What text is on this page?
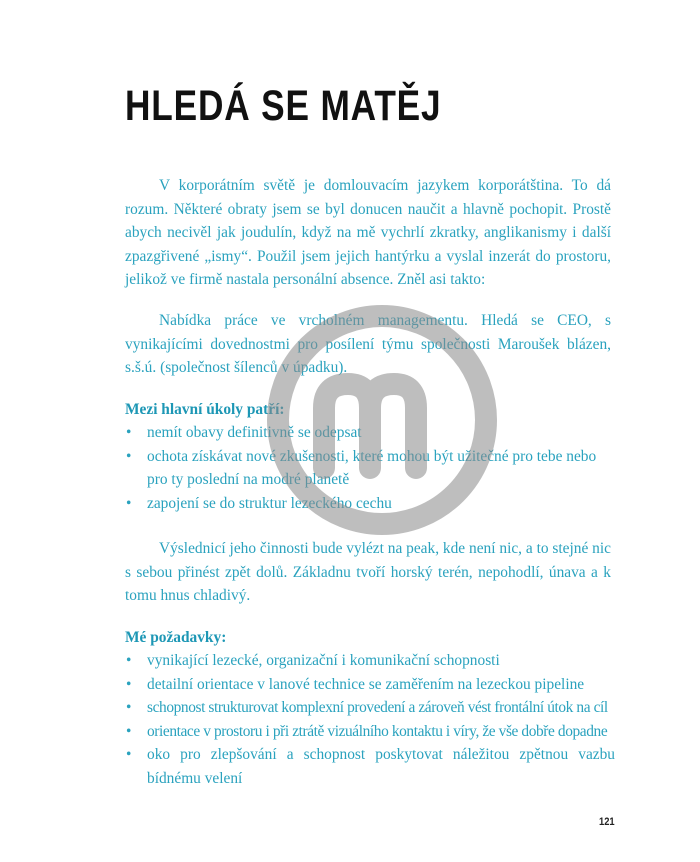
HLEDÁ SE MATĚJ

V korporátním světě je domlouvacím jazykem korporátština. To dá rozum. Některé obraty jsem se byl donucen naučit a hlavně pochopit. Prostě abych necivěl jak joudulín, když na mě vychrlí zkratky, anglikanismy i další zpazgřivené „ismy“. Použil jsem jejich hantýrku a vyslal inzerát do prostoru, jelikož ve firmě nastala personální absence. Zněl asi takto:

Nabídka práce ve vrcholném managementu. Hledá se CEO, s vynikajícími dovednostmi pro posílení týmu společnosti Maroušek blázen, s.š.ú. (společnost šílenců v úpadku).

Mezi hlavní úkoly patří:
• nemít obavy definitivně se odepsat
• ochota získávat nové zkušenosti, které mohou být užitečné pro tebe nebo pro ty poslední na modré planetě
• zapojení se do struktur lezeckého cechu

Výslednicí jeho činnosti bude vylézt na peak, kde není nic, a to stejné nic s sebou přinést zpět dolů. Základnu tvoří horský terén, nepohodlí, únava a k tomu hnus chladivý.

Mé požadavky:
• vynikající lezecké, organizační i komunikační schopnosti
• detailní orientace v lanové technice se zaměřením na lezeckou pipeline
• schopnost strukturovat komplexní provedení a zároveň vést frontální útok na cíl
• orientace v prostoru i při ztrátě vizuálního kontaktu i víry, že vše dobře dopadne
• oko pro zlepšování a schopnost poskytovat náležitou zpětnou vazbu bídnému velení
121
